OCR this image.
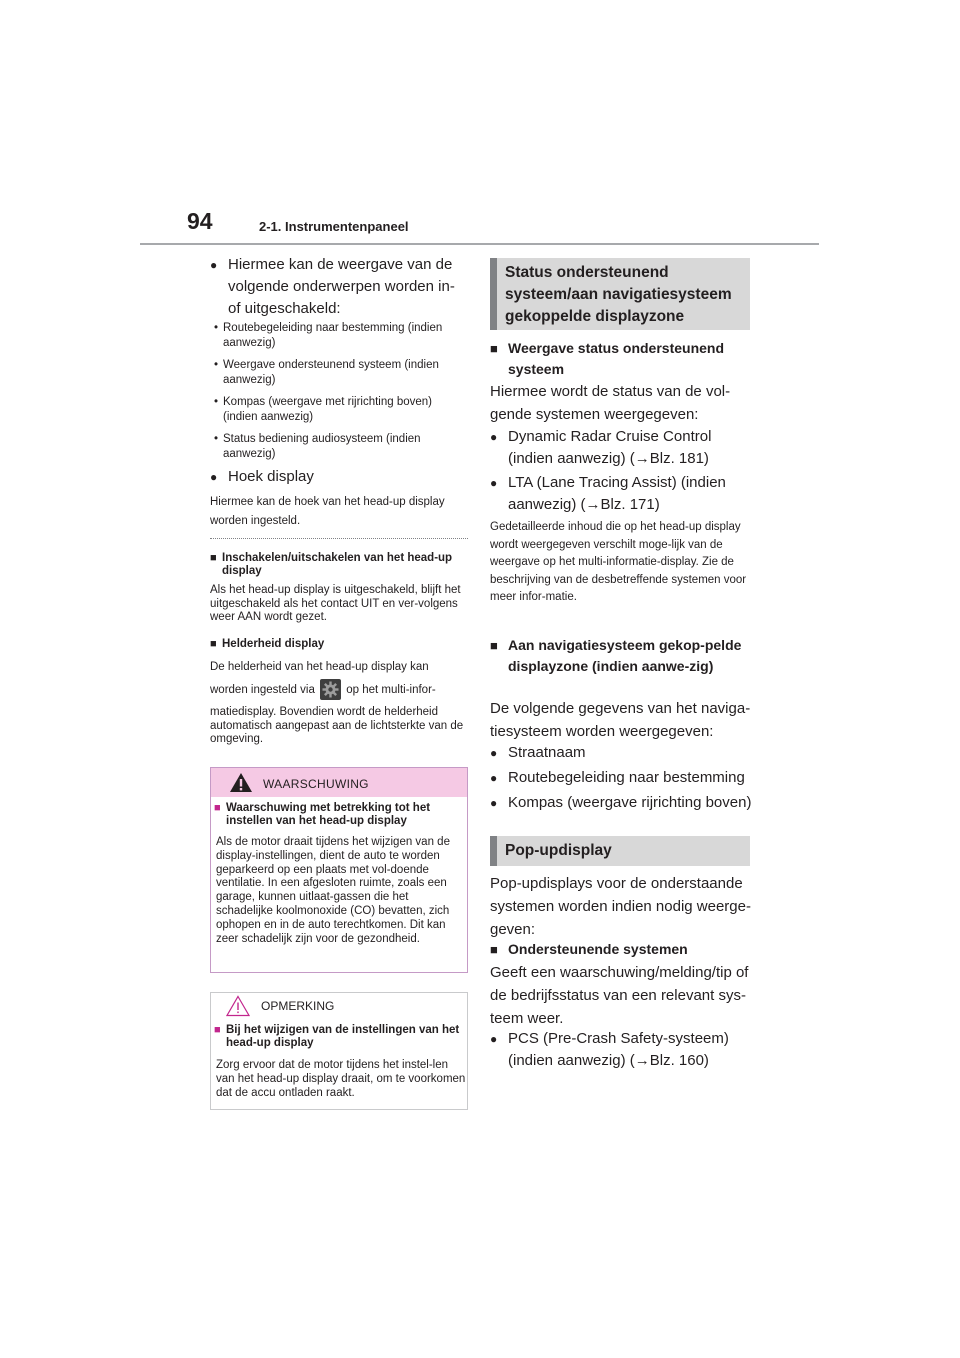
94	2-1. Instrumentenpaneel
● Hiermee kan de weergave van de volgende onderwerpen worden in- of uitgeschakeld:
• Routebegeleiding naar bestemming (indien aanwezig)
• Weergave ondersteunend systeem (indien aanwezig)
• Kompas (weergave met rijrichting boven) (indien aanwezig)
• Status bediening audiosysteem (indien aanwezig)
● Hoek display
Hiermee kan de hoek van het head-up display worden ingesteld.
■ Inschakelen/uitschakelen van het head-up display
Als het head-up display is uitgeschakeld, blijft het uitgeschakeld als het contact UIT en ver-volgens weer AAN wordt gezet.
■ Helderheid display
De helderheid van het head-up display kan
worden ingesteld via	op het multi-infor-
matiedisplay. Bovendien wordt de helderheid automatisch aangepast aan de lichtsterkte van de omgeving.
WAARSCHUWING
■ Waarschuwing met betrekking tot het instellen van het head-up display
Als de motor draait tijdens het wijzigen van de display-instellingen, dient de auto te worden geparkeerd op een plaats met vol-doende ventilatie. In een afgesloten ruimte, zoals een garage, kunnen uitlaat-gassen die het schadelijke koolmonoxide (CO) bevatten, zich ophopen en in de auto terechtkomen. Dit kan zeer schadelijk zijn voor de gezondheid.
OPMERKING
■ Bij het wijzigen van de instellingen van het head-up display
Zorg ervoor dat de motor tijdens het instel-len van het head-up display draait, om te voorkomen dat de accu ontladen raakt.
Status ondersteunend systeem/aan navigatiesysteem gekoppelde displayzone
■ Weergave status ondersteunend systeem
Hiermee wordt de status van de vol-gende systemen weergegeven:
● Dynamic Radar Cruise Control (indien aanwezig) (→Blz. 181)
● LTA (Lane Tracing Assist) (indien aanwezig) (→Blz. 171)
Gedetailleerde inhoud die op het head-up display wordt weergegeven verschilt moge-lijk van de weergave op het multi-informatie-display. Zie de beschrijving van de desbetreffende systemen voor meer infor-matie.
■ Aan navigatiesysteem gekop-pelde displayzone (indien aanwe-zig)
De volgende gegevens van het naviga-tiesysteem worden weergegeven:
● Straatnaam
● Routebegeleiding naar bestemming
● Kompas (weergave rijrichting boven)
Pop-updisplay
Pop-updisplays voor de onderstaande systemen worden indien nodig weerge-geven:
■ Ondersteunende systemen
Geeft een waarschuwing/melding/tip of de bedrijfsstatus van een relevant sys-teem weer.
● PCS (Pre-Crash Safety-systeem) (indien aanwezig) (→Blz. 160)
